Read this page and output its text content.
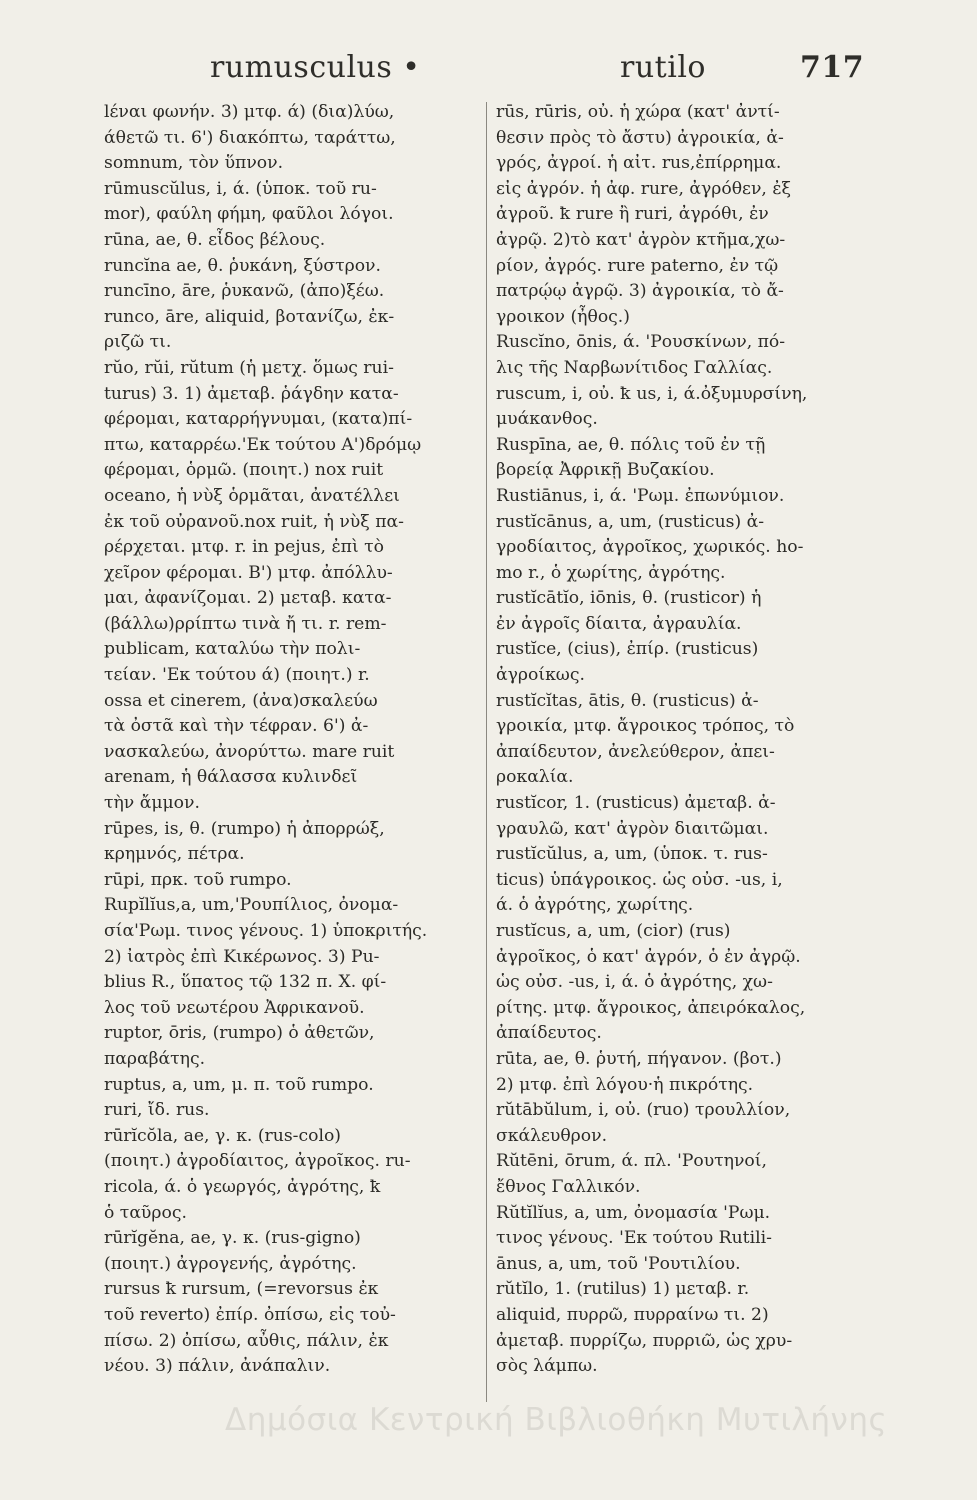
rumusculus •	rutilo	717
lέναι φωνήν. 3) μτφ. ά) (δια)λύω,
άθετῶ τι. 6') διακόπτω, ταράττω,
somnum, τὸν ὕπνον.
rūmuscŭlus, i, ά. (ὑποκ. τοῦ ru-
mor), φαύλη φήμη, φαῦλοι λόγοι.
rūna, ae, θ. εἶδος βέλους.
runcĭna ae, θ. ῥυκάνη, ξύστρον.
runcīno, āre, ῥυκανῶ, (ἀπο)ξέω.
runco, āre, aliquid, βοτανίζω, ἐκ-
ριζῶ τι.
rŭo, rŭi, rŭtum (ἡ μετχ. ὅμως rui-
turus) 3. 1) ἀμεταβ. ῥάγδην κατα-
φέρομαι, καταρρήγνυμαι, (κατα)πί-
πτω, καταρρέω.'Εκ τούτου Α')δρόμῳ
φέρομαι, ὁρμῶ. (ποιητ.) nox ruit
oceano, ἡ νὺξ ὁρμᾶται, ἀνατέλλει
ἐκ τοῦ οὐρανοῦ.nox ruit, ἡ νὺξ πα-
ρέρχεται. μτφ. r. in pejus, ἐπὶ τὸ
χεῖρον φέρομαι. Β') μτφ. ἀπόλλυ-
μαι, ἀφανίζομαι. 2) μεταβ. κατα-
(βάλλω)ρρίπτω τινὰ ἤ τι. r. rem-
publicam, καταλύω τὴν πολι-
τείαν. 'Εκ τούτου ά) (ποιητ.) r.
ossa et cinerem, (ἀνα)σκαλεύω
τὰ ὀστᾶ καὶ τὴν τέφραν. 6') ἀ-
νασκαλεύω, ἀνορύττω. mare ruit
arenam, ἡ θάλασσα κυλινδεῖ
τὴν ἄμμον.
rūpes, is, θ. (rumpo) ἡ ἀπορρώξ,
κρημνός, πέτρα.
rūpi, πρκ. τοῦ rumpo.
Rupĭlĭus,a, um,'Ρουπίλιος, ὀνομα-
σία'Ρωμ. τινος γένους. 1) ὑποκριτής.
2) ἰατρὸς ἐπὶ Κικέρωνος. 3) Pu-
blius R., ὕπατος τῷ 132 π. Χ. φί-
λος τοῦ νεωτέρου Ἀφρικανοῦ.
ruptor, ōris, (rumpo) ὁ ἀθετῶν,
παραβάτης.
ruptus, a, um, μ. π. τοῦ rumpo.
ruri, ἴδ. rus.
rūrĭcŏla, ae, γ. κ. (rus-colo)
(ποιητ.) ἀγροδίαιτος, ἀγροῖκος. ru-
ricola, ά. ὁ γεωργός, ἀγρότης, ꝁ
ὁ ταῦρος.
rūrĭgĕna, ae, γ. κ. (rus-gigno)
(ποιητ.) ἀγρογενής, ἀγρότης.
rursus ꝁ rursum, (=revorsus ἐκ
τοῦ reverto) ἐπίρ. ὀπίσω, εἰς τοὐ-
πίσω. 2) ὀπίσω, αὖθις, πάλιν, ἐκ
νέου. 3) πάλιν, ἀνάπαλιν.
rūs, rūris, οὐ. ἡ χώρα (κατ' ἀντί-
θεσιν πρὸς τὸ ἄστυ) ἀγροικία, ἀ-
γρός, ἀγροί. ἡ αἰτ. rus,ἐπίρρημα.
εἰς ἀγρόν. ἡ ἀφ. rure, ἀγρόθεν, ἐξ
ἀγροῦ. ꝁ rure ἢ ruri, ἀγρόθι, ἐν
ἀγρῷ. 2)τὸ κατ' ἀγρὸν κτῆμα,χω-
ρίον, ἀγρός. rure paterno, ἐν τῷ
πατρῴῳ ἀγρῷ. 3) ἀγροικία, τὸ ἄ-
γροικον (ἦθος.)
Ruscĭno, ōnis, ά. 'Ρουσκίνων, πό-
λις τῆς Ναρβωνίτιδος Γαλλίας.
ruscum, i, οὐ. ꝁ us, i, ά.ὀξυμυρσίνη,
μυάκανθος.
Ruspīna, ae, θ. πόλις τοῦ ἐν τῇ
βορείᾳ Ἀφρικῇ Βυζακίου.
Rustiānus, i, ά. 'Ρωμ. ἐπωνύμιον.
rustĭcānus, a, um, (rusticus) ἀ-
γροδίαιτος, ἀγροῖκος, χωρικός. ho-
mo r., ὁ χωρίτης, ἀγρότης.
rustĭcātĭo, iōnis, θ. (rusticor) ἡ
ἐν ἀγροῖς δίαιτα, ἀγραυλία.
rustĭce, (cius), ἐπίρ. (rusticus)
ἀγροίκως.
rustĭcĭtas, ātis, θ. (rusticus) ἀ-
γροικία, μτφ. ἄγροικος τρόπος, τὸ
ἀπαίδευτον, ἀνελεύθερον, ἀπει-
ροκαλία.
rustĭcor, 1. (rusticus) ἀμεταβ. ἀ-
γραυλῶ, κατ' ἀγρὸν διαιτῶμαι.
rustĭcŭlus, a, um, (ὑποκ. τ. rus-
ticus) ὑπάγροικος. ὡς οὐσ. -us, i,
ά. ὁ ἀγρότης, χωρίτης.
rustĭcus, a, um, (cior) (rus)
ἀγροῖκος, ὁ κατ' ἀγρόν, ὁ ἐν ἀγρῷ.
ὡς οὐσ. -us, i, ά. ὁ ἀγρότης, χω-
ρίτης. μτφ. ἄγροικος, ἀπειρόκαλος,
ἀπαίδευτος.
rūta, ae, θ. ῥυτή, πήγανον. (βοτ.)
2) μτφ. ἐπὶ λόγου·ἡ πικρότης.
rŭtābŭlum, i, οὐ. (ruo) τρουλλίον,
σκάλευθρον.
Rŭtēni, ōrum, ά. πλ. 'Ρουτηνοί,
ἔθνος Γαλλικόν.
Rŭtĭlĭus, a, um, ὀνομασία 'Ρωμ.
τινος γένους. 'Εκ τούτου Rutili-
ānus, a, um, τοῦ 'Ρουτιλίου.
rŭtĭlo, 1. (rutilus) 1) μεταβ. r.
aliquid, πυρρῶ, πυρραίνω τι. 2)
ἀμεταβ. πυρρίζω, πυρριῶ, ὡς χρυ-
σὸς λάμπω.
Δημόσια Κεντρική Βιβλιοθήκη Μυτιλήνης
